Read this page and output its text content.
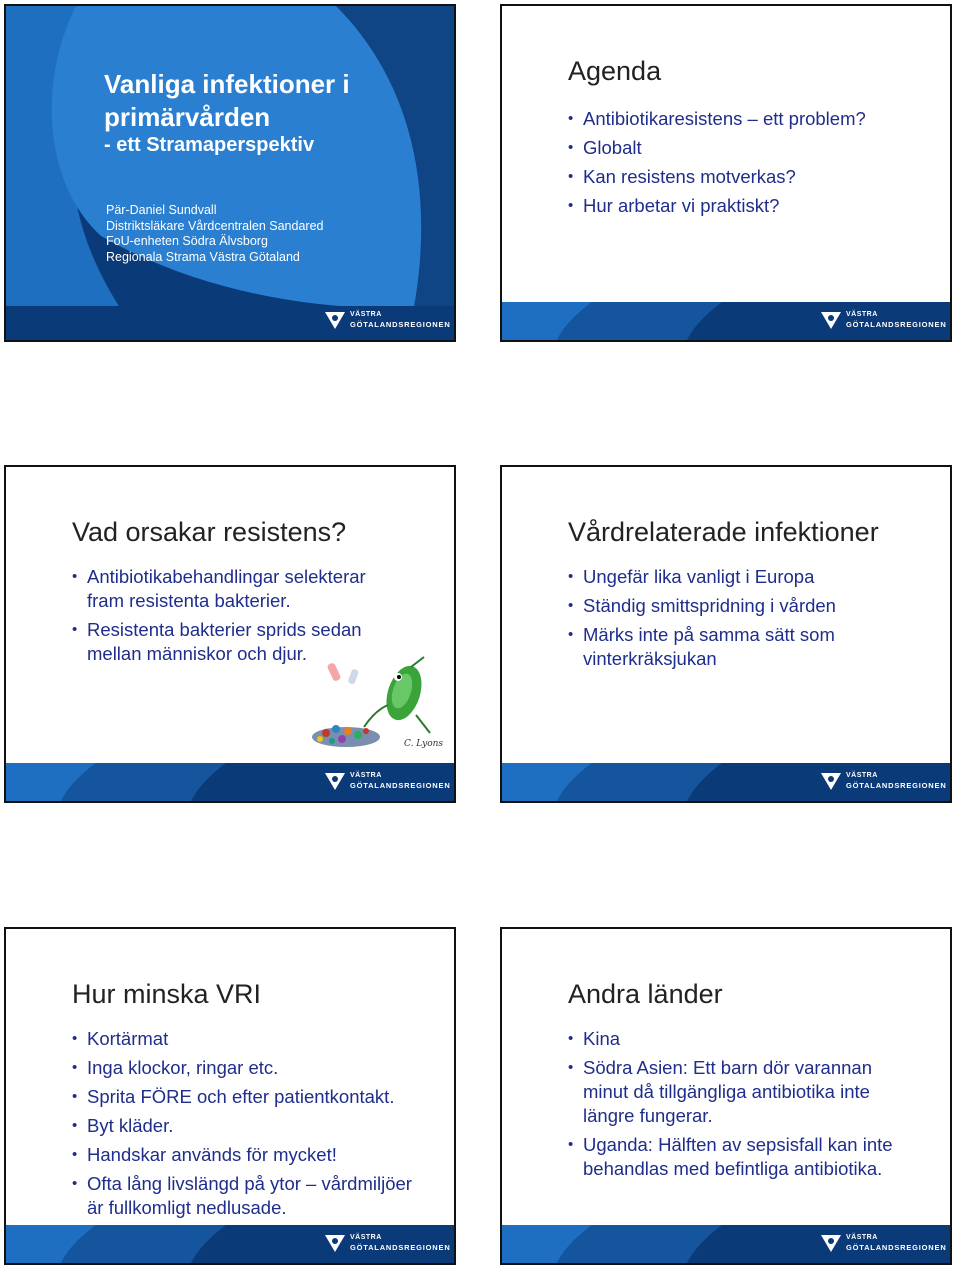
Vanliga infektioner i primärvården
- ett Stramaperspektiv
Pär-Daniel Sundvall
Distriktsläkare Vårdcentralen Sandared
FoU-enheten Södra Älvsborg
Regionala Strama Västra Götaland
VÄSTRA
GÖTALANDSREGIONEN
Agenda
• Antibiotikaresistens – ett problem?
• Globalt
• Kan resistens motverkas?
• Hur arbetar vi praktiskt?
VÄSTRA
GÖTALANDSREGIONEN
Vad orsakar resistens?
• Antibiotikabehandlingar selekterar fram resistenta bakterier.
• Resistenta bakterier sprids sedan mellan människor och djur.
C. Lyons
VÄSTRA
GÖTALANDSREGIONEN
Vårdrelaterade infektioner
• Ungefär lika vanligt i Europa
• Ständig smittspridning i vården
• Märks inte på samma sätt som vinterkräksjukan
VÄSTRA
GÖTALANDSREGIONEN
Hur minska VRI
• Kortärmat
• Inga klockor, ringar etc.
• Sprita FÖRE och efter patientkontakt.
• Byt kläder.
• Handskar används för mycket!
• Ofta lång livslängd på ytor – vårdmiljöer är fullkomligt nedlusade.
VÄSTRA
GÖTALANDSREGIONEN
Andra länder
• Kina
• Södra Asien: Ett barn dör varannan minut då tillgängliga antibiotika inte längre fungerar.
• Uganda: Hälften av sepsisfall kan inte behandlas med befintliga antibiotika.
VÄSTRA
GÖTALANDSREGIONEN
